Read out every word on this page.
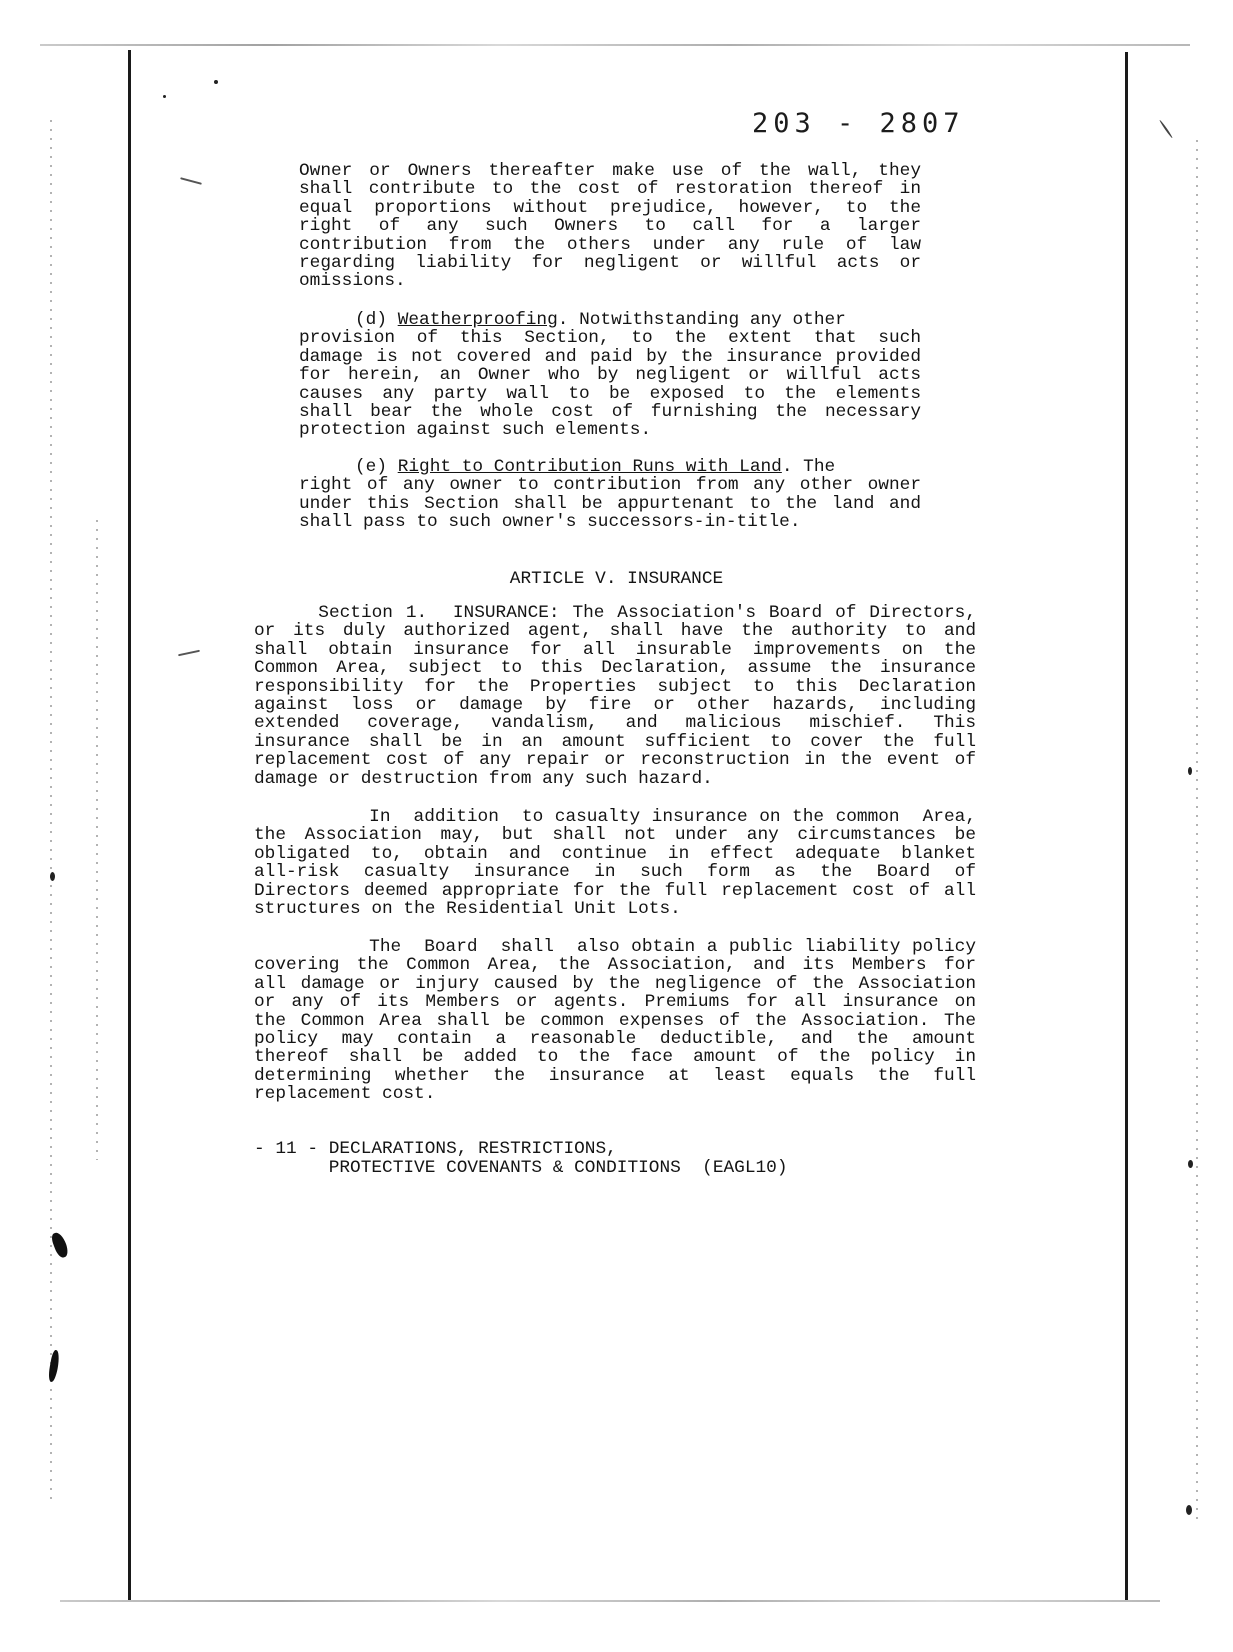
203 - 2807
Owner or Owners thereafter make use of the wall, they
shall contribute to the cost of restoration thereof in
equal proportions without prejudice, however, to the
right of any such Owners to call for a larger
contribution from the others under any rule of law
regarding liability for negligent or willful acts or
omissions.
(d) Weatherproofing. Notwithstanding any other
provision of this Section, to the extent that such
damage is not covered and paid by the insurance provided
for herein, an Owner who by negligent or willful acts
causes any party wall to be exposed to the elements
shall bear the whole cost of furnishing the necessary
protection against such elements.
(e) Right to Contribution Runs with Land. The
right of any owner to contribution from any other owner
under this Section shall be appurtenant to the land and
shall pass to such owner's successors-in-title.
ARTICLE V. INSURANCE
Section 1.  INSURANCE: The Association's Board of Directors,
or its duly authorized agent, shall have the authority to and
shall obtain insurance for all insurable improvements on the
Common Area, subject to this Declaration, assume the insurance
responsibility for the Properties subject to this Declaration
against loss or damage by fire or other hazards, including
extended coverage, vandalism, and malicious mischief. This
insurance shall be in an amount sufficient to cover the full
replacement cost of any repair or reconstruction in the event of
damage or destruction from any such hazard.
In  addition  to casualty insurance on the common  Area,
the Association may, but shall not under any circumstances be
obligated to, obtain and continue in effect adequate blanket
all-risk casualty insurance in such form as the Board of
Directors deemed appropriate for the full replacement cost of all
structures on the Residential Unit Lots.
The  Board  shall  also obtain a public liability policy
covering the Common Area, the Association, and its Members for
all damage or injury caused by the negligence of the Association
or any of its Members or agents. Premiums for all insurance on
the Common Area shall be common expenses of the Association. The
policy may contain a reasonable deductible, and the amount
thereof shall be added to the face amount of the policy in
determining whether the insurance at least equals the full
replacement cost.
- 11 - DECLARATIONS, RESTRICTIONS,
PROTECTIVE COVENANTS & CONDITIONS  (EAGL10)
